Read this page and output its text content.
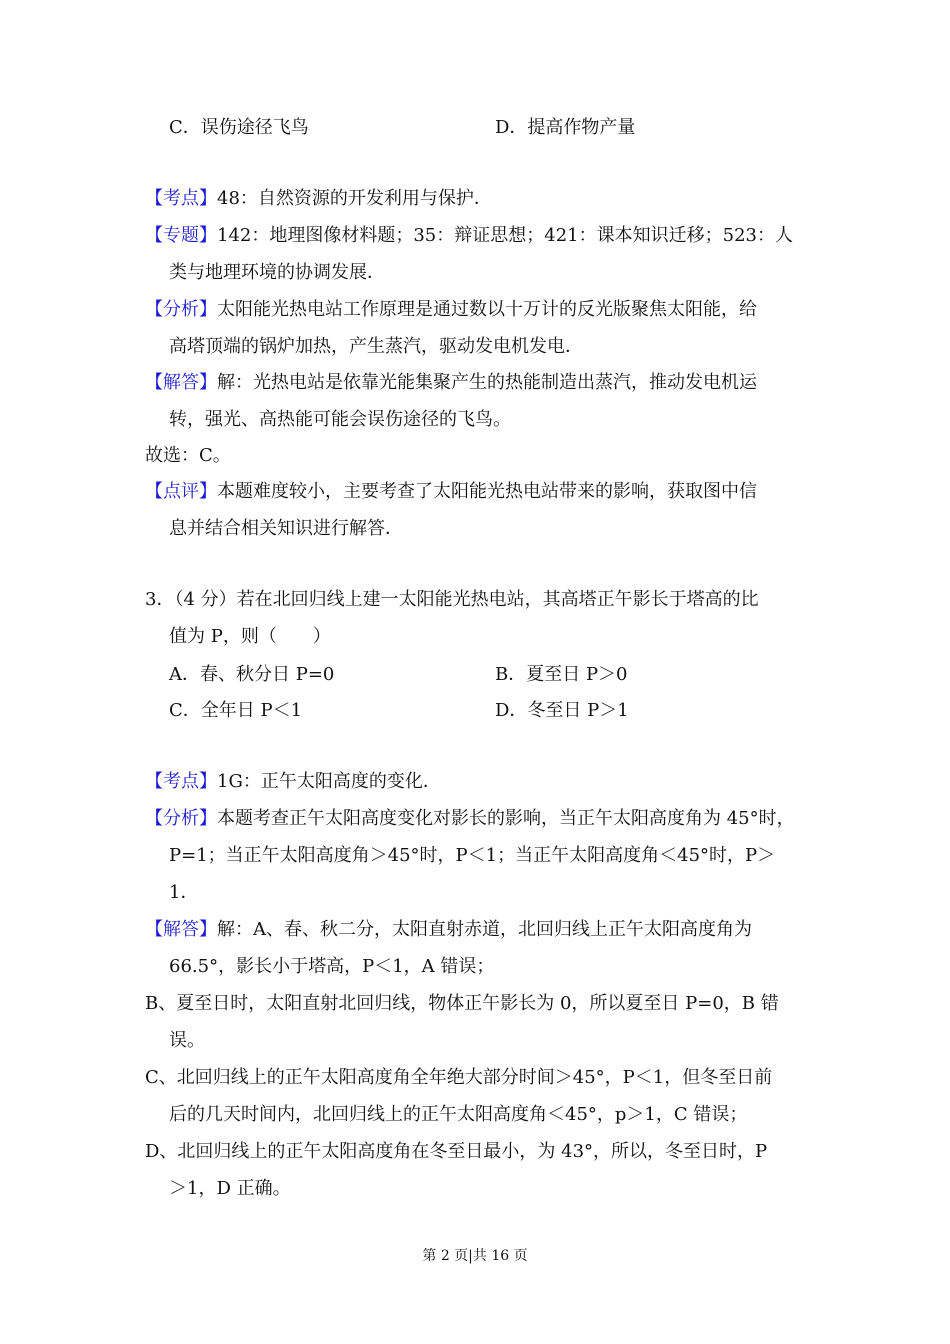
C．误伤途径飞鸟	D．提高作物产量
【考点】48：自然资源的开发利用与保护．
【专题】142：地理图像材料题；35：辩证思想；421：课本知识迁移；523：人
类与地理环境的协调发展．
【分析】太阳能光热电站工作原理是通过数以十万计的反光版聚焦太阳能，给
高塔顶端的锅炉加热，产生蒸汽，驱动发电机发电．
【解答】解：光热电站是依靠光能集聚产生的热能制造出蒸汽，推动发电机运
转，强光、高热能可能会误伤途径的飞鸟。
故选：C。
【点评】本题难度较小，主要考查了太阳能光热电站带来的影响，获取图中信
息并结合相关知识进行解答．
3．（4 分）若在北回归线上建一太阳能光热电站，其高塔正午影长于塔高的比
值为 P，则（　　）
A．春、秋分日 P=0	B．夏至日 P＞0
C．全年日 P＜1	D．冬至日 P＞1
【考点】1G：正午太阳高度的变化．
【分析】本题考查正午太阳高度变化对影长的影响，当正午太阳高度角为 45°时，
P=1；当正午太阳高度角＞45°时，P＜1；当正午太阳高度角＜45°时，P＞
1．
【解答】解：A、春、秋二分，太阳直射赤道，北回归线上正午太阳高度角为
66.5°，影长小于塔高，P＜1，A 错误；
B、夏至日时，太阳直射北回归线，物体正午影长为 0，所以夏至日 P=0，B 错
误。
C、北回归线上的正午太阳高度角全年绝大部分时间＞45°，P＜1，但冬至日前
后的几天时间内，北回归线上的正午太阳高度角＜45°，p＞1，C 错误；
D、北回归线上的正午太阳高度角在冬至日最小，为 43°，所以，冬至日时，P
＞1，D 正确。
第 2 页|共 16 页
